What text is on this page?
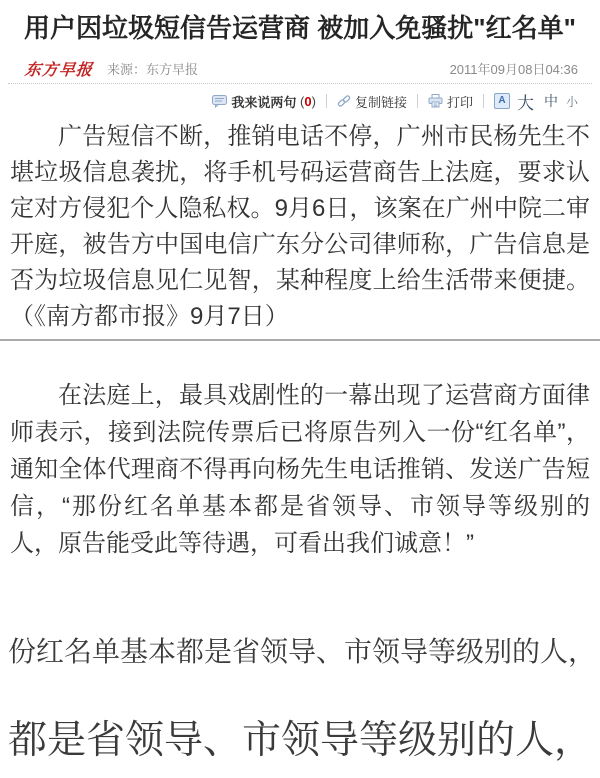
用户因垃圾短信告运营商 被加入免骚扰"红名单"
东方早报 来源：东方早报	2011年09月08日04:36
我来说两句
( 0 )	复制链接	打印	A 大 中 小

广告短信不断，推销电话不停，广州市民杨先生不堪垃圾信息袭扰，将手机号码运营商告上法庭，要求认定对方侵犯个人隐私权。9月6日，该案在广州中院二审开庭，被告方中国电信广东分公司律师称，广告信息是否为垃圾信息见仁见智，某种程度上给生活带来便捷。（《南方都市报》9月7日）

在法庭上，最具戏剧性的一幕出现了运营商方面律师表示，接到法院传票后已将原告列入一份“红名单”，通知全体代理商不得再向杨先生电话推销、发送广告短信，“那份红名单基本都是省领导、市领导等级别的人，原告能受此等待遇，可看出我们诚意！”

份红名单基本都是省领导、市领导等级别的人，
都是省领导、市领导等级别的人，
